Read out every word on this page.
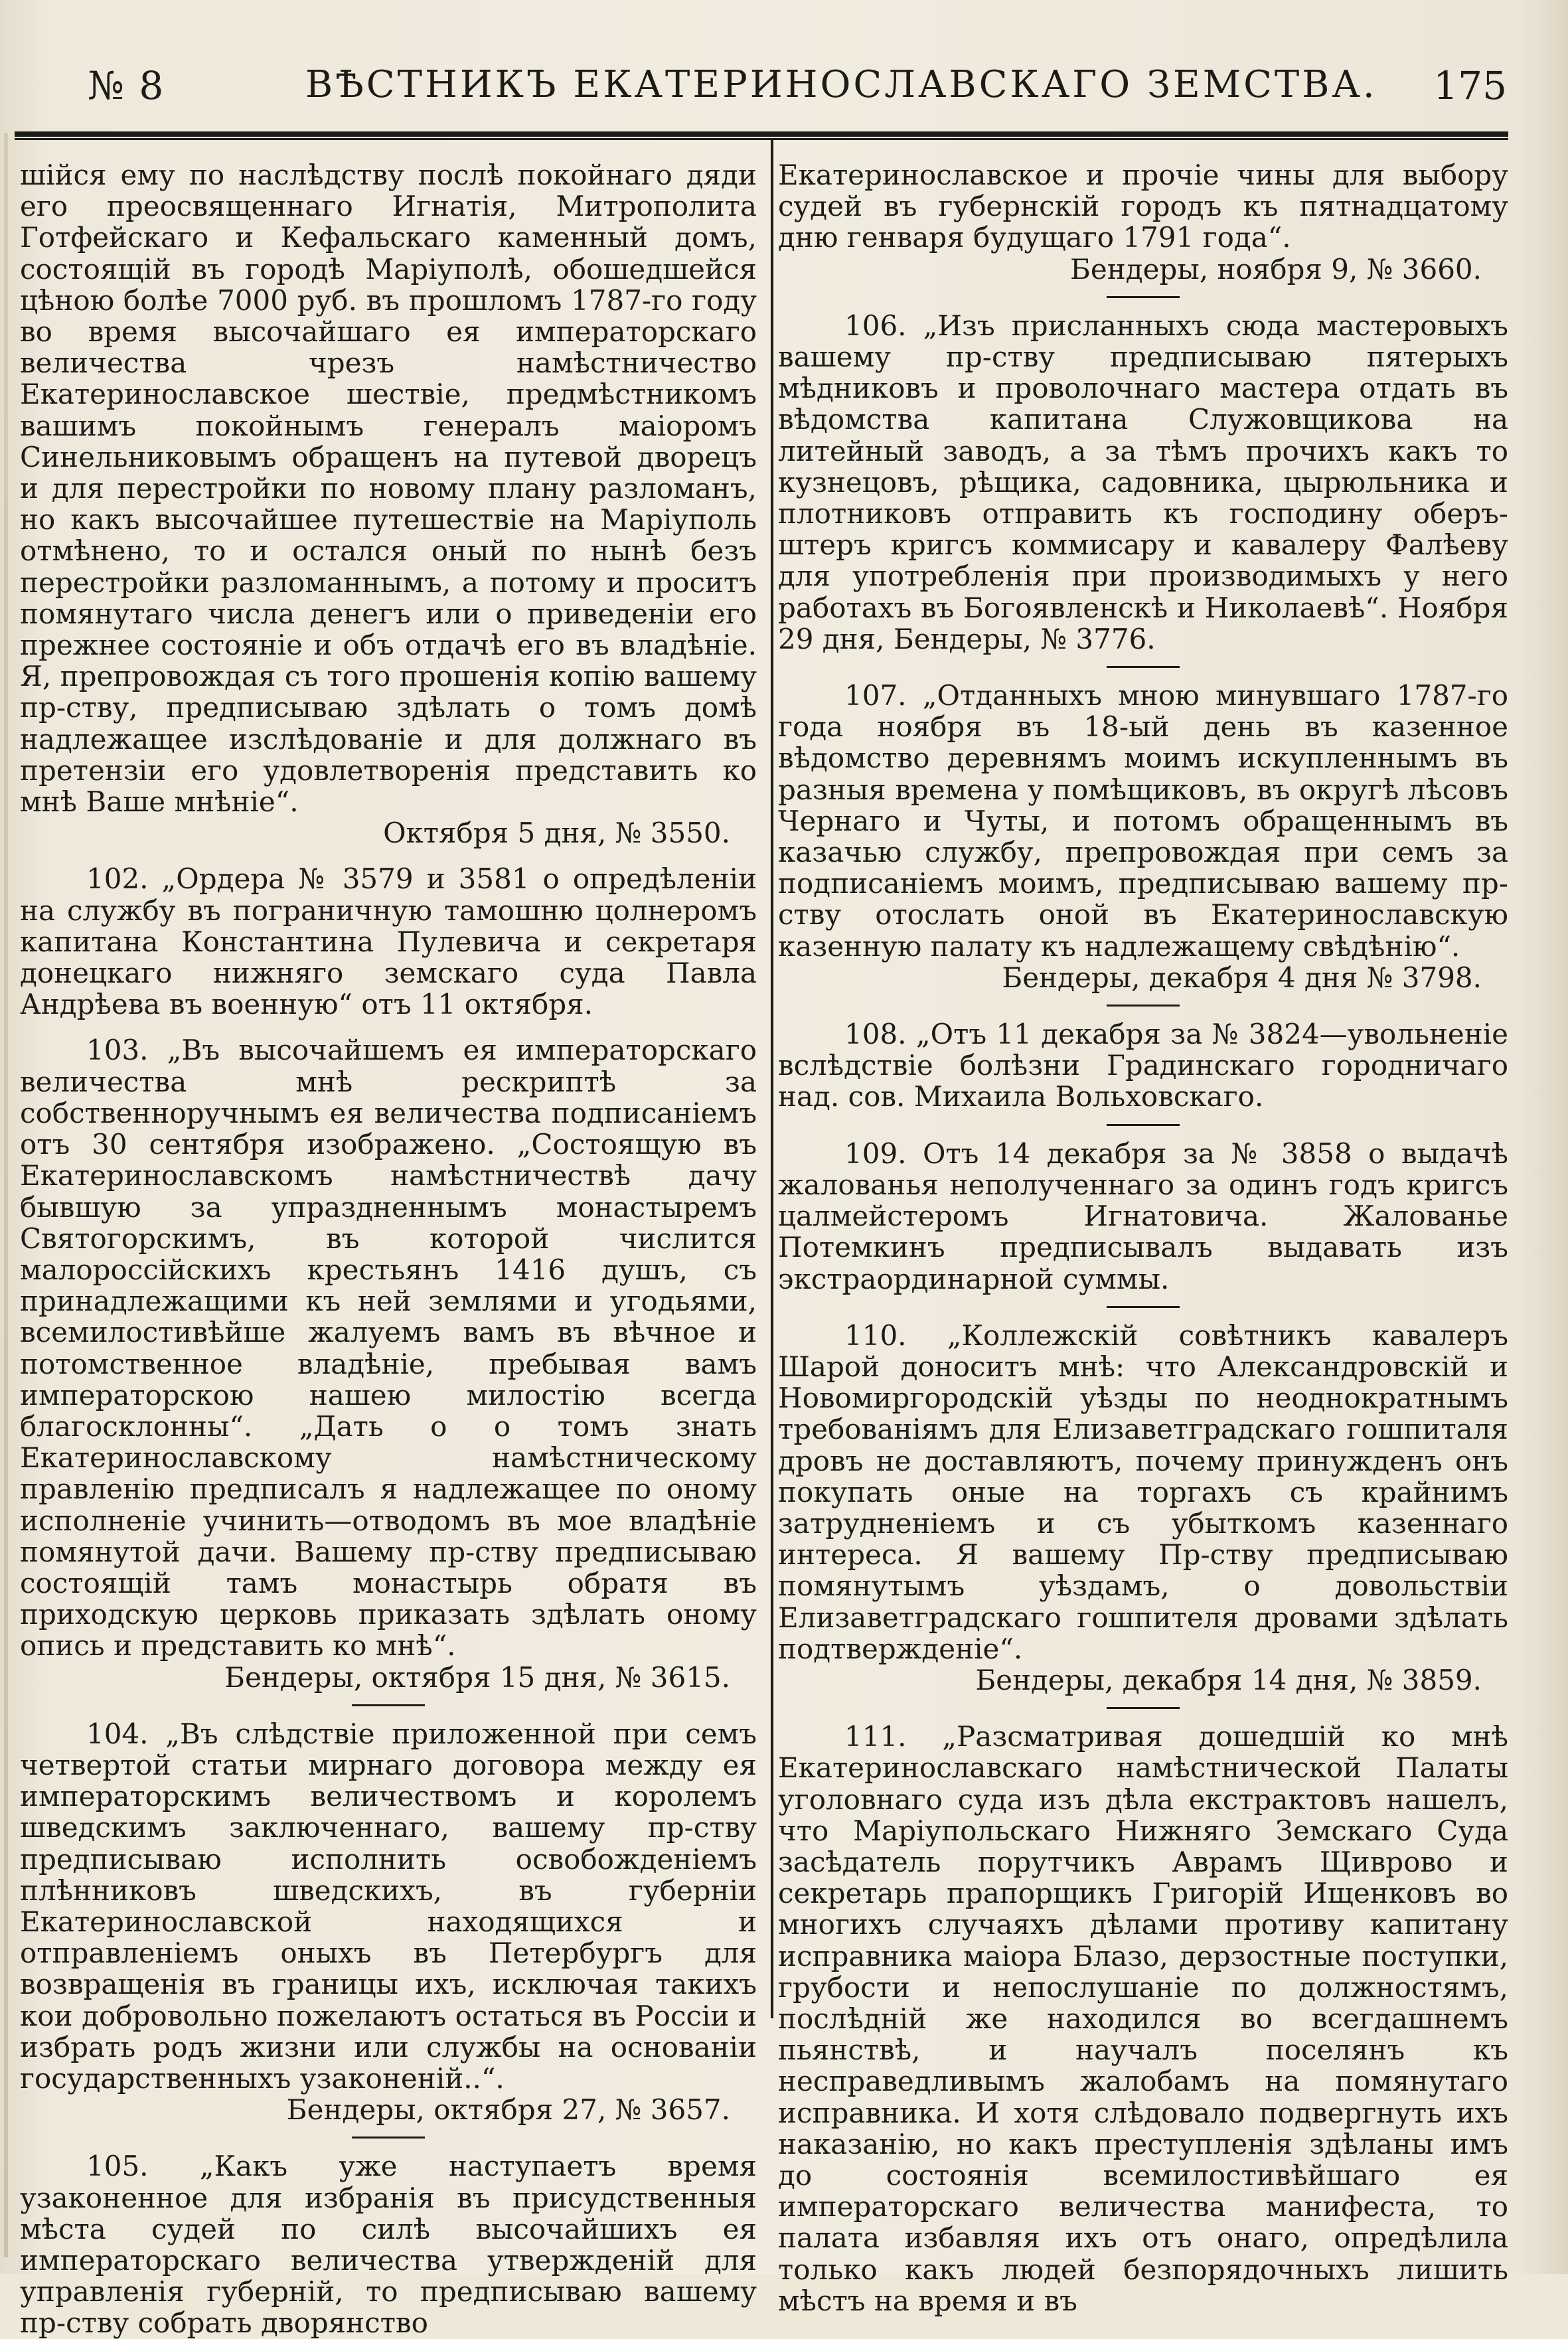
№ 8	ВѢСТНИКЪ ЕКАТЕРИНОСЛАВСКАГО ЗЕМСТВА. 175

шійся ему по наслѣдству послѣ покойнаго дяди его преосвященнаго Игнатія, Митрополита Готфейскаго и Кефальскаго каменный домъ, состоящій въ городѣ Маріуполѣ, обошедшейся цѣною болѣе 7000 руб. въ прошломъ 1787-го году во время высочайшаго ея императорскаго величества чрезъ намѣстничество Екатеринославское шествіе, предмѣстникомъ вашимъ покойнымъ генералъ маіоромъ Синельниковымъ обращенъ на путевой дворецъ и для перестройки по новому плану разломанъ, но какъ высочайшее путешествіе на Маріуполь отмѣнено, то и остался оный по нынѣ безъ перестройки разломаннымъ, а потому и проситъ помянутаго числа денегъ или о приведеніи его прежнее состояніе и объ отдачѣ его въ владѣніе. Я, препровождая съ того прошенія копію вашему пр-ству, предписываю здѣлать о томъ домѣ надлежащее изслѣдованіе и для должнаго въ претензіи его удовлетворенія представить ко мнѣ Ваше мнѣніе“.

Октября 5 дня, № 3550.

102. „Ордера № 3579 и 3581 о опредѣленіи на службу въ пограничную тамошню цолнеромъ капитана Константина Пулевича и секретаря донецкаго нижняго земскаго суда Павла Андрѣева въ военную“ отъ 11 октября.

103. „Въ высочайшемъ ея императорскаго величества мнѣ рескриптѣ за собственноручнымъ ея величества подписаніемъ отъ 30 сентября изображено. „Состоящую въ Екатеринославскомъ намѣстничествѣ дачу бывшую за упраздненнымъ монастыремъ Святогорскимъ, въ которой числится малороссійскихъ крестьянъ 1416 душъ, съ принадлежащими къ ней землями и угодьями, всемилостивѣйше жалуемъ вамъ въ вѣчное и потомственное владѣніе, пребывая вамъ императорскою нашею милостію всегда благосклонны“. „Дать о о томъ знать Екатеринославскому намѣстническому правленію предписалъ я надлежащее по оному исполненіе учинить—отводомъ въ мое владѣніе помянутой дачи. Вашему пр-ству предписываю состоящій тамъ монастырь обратя въ приходскую церковь приказать здѣлать оному опись и представить ко мнѣ“.

Бендеры, октября 15 дня, № 3615.

104. „Въ слѣдствіе приложенной при семъ четвертой статьи мирнаго договора между ея императорскимъ величествомъ и королемъ шведскимъ заключеннаго, вашему пр-ству предписываю исполнить освобожденіемъ плѣнниковъ шведскихъ, въ губерніи Екатеринославской находящихся и отправленіемъ оныхъ въ Петербургъ для возвращенія въ границы ихъ, исключая такихъ кои добровольно пожелаютъ остаться въ Россіи и избрать родъ жизни или службы на основаніи государственныхъ узаконеній..“.

Бендеры, октября 27, № 3657.

105. „Какъ уже наступаетъ время узаконенное для избранія въ присудственныя мѣста судей по силѣ высочайшихъ ея императорскаго величества утвержденій для управленія губерній, то предписываю вашему пр-ству собрать дворянство

Екатеринославское и прочіе чины для выбору судей въ губернскій городъ къ пятнадцатому дню генваря будущаго 1791 года“.

Бендеры, ноября 9, № 3660.

106. „Изъ присланныхъ сюда мастеровыхъ вашему пр-ству предписываю пятерыхъ мѣдниковъ и проволочнаго мастера отдать въ вѣдомства капитана Служовщикова на литейный заводъ, а за тѣмъ прочихъ какъ то кузнецовъ, рѣщика, садовника, цырюльника и плотниковъ отправить къ господину оберъ-штеръ кригсъ коммисару и кавалеру Фалѣеву для употребленія при производимыхъ у него работахъ въ Богоявленскѣ и Николаевѣ“. Ноября 29 дня, Бендеры, № 3776.

107. „Отданныхъ мною минувшаго 1787-го года ноября въ 18-ый день въ казенное вѣдомство деревнямъ моимъ искупленнымъ въ разныя времена у помѣщиковъ, въ округѣ лѣсовъ Чернаго и Чуты, и потомъ обращеннымъ въ казачью службу, препровождая при семъ за подписаніемъ моимъ, предписываю вашему пр-ству отослать оной въ Екатеринославскую казенную палату къ надлежащему свѣдѣнію“.

Бендеры, декабря 4 дня № 3798.

108. „Отъ 11 декабря за № 3824—увольненіе вслѣдствіе болѣзни Градинскаго городничаго над. сов. Михаила Вольховскаго.

109. Отъ 14 декабря за № 3858 о выдачѣ жалованья неполученнаго за одинъ годъ кригсъ цалмейстеромъ Игнатовича. Жалованье Потемкинъ предписывалъ выдавать изъ экстраординарной суммы.

110. „Коллежскій совѣтникъ кавалеръ Шарой доноситъ мнѣ: что Александровскій и Новомиргородскій уѣзды по неоднократнымъ требованіямъ для Елизаветградскаго гошпиталя дровъ не доставляютъ, почему принужденъ онъ покупать оные на торгахъ съ крайнимъ затрудненіемъ и съ убыткомъ казеннаго интереса. Я вашему Пр-ству предписываю помянутымъ уѣздамъ, о довольствіи Елизаветградскаго гошпителя дровами здѣлать подтвержденіе“.

Бендеры, декабря 14 дня, № 3859.

111. „Разсматривая дошедшій ко мнѣ Екатеринославскаго намѣстнической Палаты уголовнаго суда изъ дѣла екстрактовъ нашелъ, что Маріупольскаго Нижняго Земскаго Суда засѣдатель порутчикъ Аврамъ Щиврово и секретарь прапорщикъ Григорій Ищенковъ во многихъ случаяхъ дѣлами противу капитану исправника маіора Блазо, дерзостные поступки, грубости и непослушаніе по должностямъ, послѣдній же находился во всегдашнемъ пьянствѣ, и научалъ поселянъ къ несправедливымъ жалобамъ на помянутаго исправника. И хотя слѣдовало подвергнуть ихъ наказанію, но какъ преступленія здѣланы имъ до состоянія всемилостивѣйшаго ея императорскаго величества манифеста, то палата избавляя ихъ отъ онаго, опредѣлила только какъ людей безпорядочныхъ лишить мѣстъ на время и въ
